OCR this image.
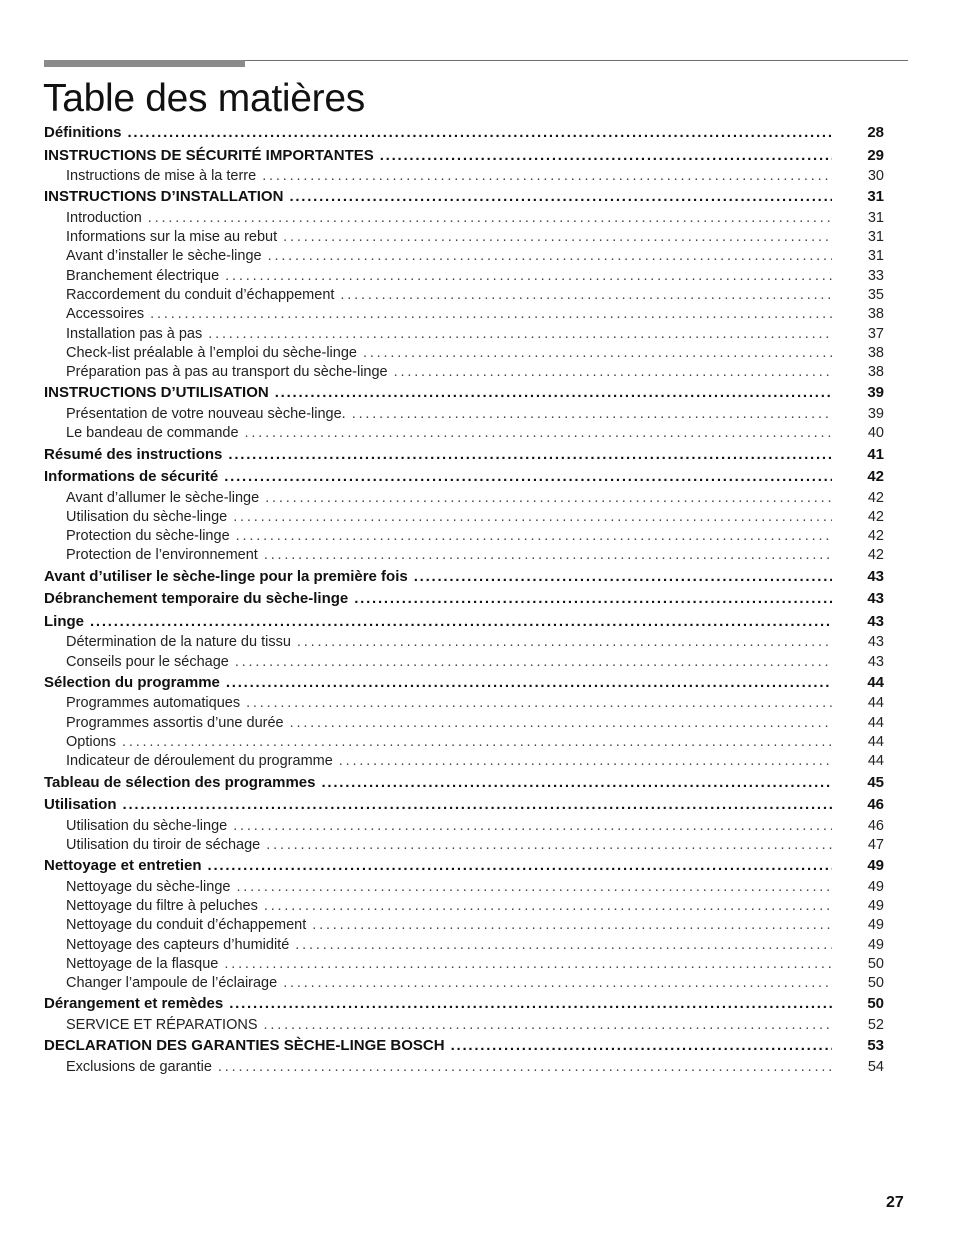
Table des matières
Définitions . . .	28
INSTRUCTIONS DE SÉCURITÉ IMPORTANTES . . .	29
Instructions de mise à la terre . . .	30
INSTRUCTIONS D’INSTALLATION . . .	31
Introduction . . .	31
Informations sur la mise au rebut . . .	31
Avant d’installer le sèche-linge . . .	31
Branchement électrique . . .	33
Raccordement du conduit d’échappement . . .	35
Accessoires . . .	38
Installation pas à pas . . .	37
Check-list préalable à l’emploi du sèche-linge . . .	38
Préparation pas à pas au transport du sèche-linge . . .	38
INSTRUCTIONS D’UTILISATION . . .	39
Présentation de votre nouveau sèche-linge. . . .	39
Le bandeau de commande . . .	40
Résumé des instructions . . .	41
Informations de sécurité . . .	42
Avant d’allumer le sèche-linge . . .	42
Utilisation du sèche-linge . . .	42
Protection du sèche-linge . . .	42
Protection de l’environnement . . .	42
Avant d’utiliser le sèche-linge pour la première fois . . .	43
Débranchement temporaire du sèche-linge . . .	43
Linge . . .	43
Détermination de la nature du tissu . . .	43
Conseils pour le séchage . . .	43
Sélection du programme . . .	44
Programmes automatiques . . .	44
Programmes assortis d’une durée . . .	44
Options . . .	44
Indicateur de déroulement du programme . . .	44
Tableau de sélection des programmes . . .	45
Utilisation . . .	46
Utilisation du sèche-linge . . .	46
Utilisation du tiroir de séchage . . .	47
Nettoyage et entretien . . .	49
Nettoyage du sèche-linge . . .	49
Nettoyage du filtre à peluches . . .	49
Nettoyage du conduit d’échappement . . .	49
Nettoyage des capteurs d’humidité . . .	49
Nettoyage de la flasque . . .	50
Changer l’ampoule de l’éclairage . . .	50
Dérangement et remèdes . . .	50
SERVICE ET RÉPARATIONS . . .	52
DECLARATION DES GARANTIES SÈCHE-LINGE BOSCH . . .	53
Exclusions de garantie . . .	54
27
